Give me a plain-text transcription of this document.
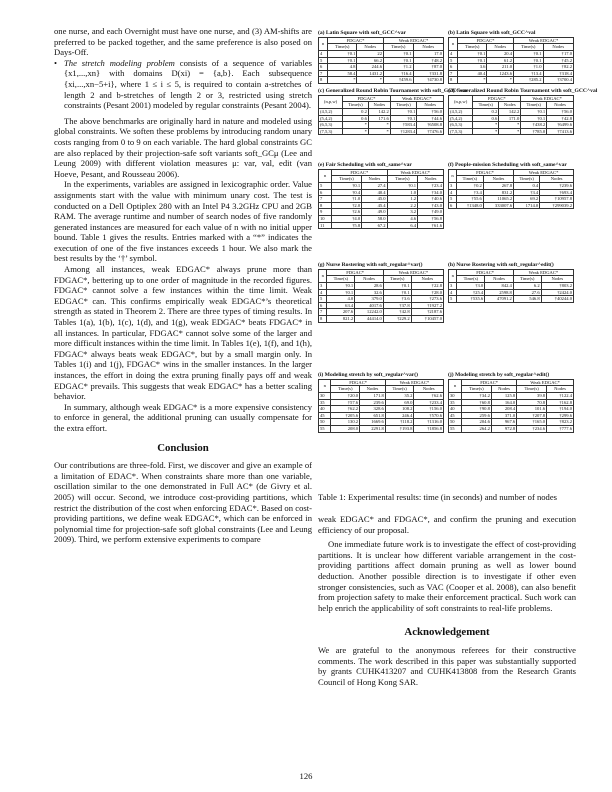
one nurse, and each Overnight must have one nurse, and (3) AM-shifts are preferred to be packed together, and the same preference is also posed on Days-Off.

• The stretch modeling problem consists of a sequence of variables {x1,...,xn} with domains D(xi) = {a,b}. Each subsequence {xi,...,xn−5+i}, where 1 ≤ i ≤ 5, is required to contain a-stretches of length 2 and b-stretches of length 2 or 3, restricted using stretch constraints (Pesant 2001) modeled by regular constraints (Pesant 2004).

The above benchmarks are originally hard in nature and modeled using global constraints. We soften these problems by introducing random unary costs ranging from 0 to 9 on each variable. The hard global constraints GC are also replaced by their projection-safe soft variants soft_GCμ (Lee and Leung 2009) with different violation measures μ: var, val, edit (van Hoeve, Pesant, and Rousseau 2006).

In the experiments, variables are assigned in lexicographic order. Value assignments start with the value with minimum unary cost. The test is conducted on a Dell Optiplex 280 with an Intel P4 3.2GHz CPU and 2GB RAM. The average runtime and number of search nodes of five randomly generated instances are measured for each value of n with no initial upper bound. Table 1 gives the results. Entries marked with a “*” indicates the execution of one of the five instances exceeds 1 hour. We also mark the best results by the ‘†’ symbol.

Among all instances, weak EDGAC* always prune more than FDGAC*, bettering up to one order of magnitude in the recorded figures. FDGAC* cannot solve a few instances within the time limit. Weak EDGAC* can. This confirms empirically weak EDGAC*’s theoretical strength as stated in Theorem 2. There are three types of timing results. In Tables 1(a), 1(b), 1(c), 1(d), and 1(g), weak EDGAC* beats FDGAC* in all instances. In particular, FDGAC* cannot solve some of the larger and more difficult instances within the time limit. In Tables 1(e), 1(f), and 1(h), FDGAC* always beats weak EDGAC*, but by a small margin only. In Tables 1(i) and 1(j), FDGAC* wins in the smaller instances. In the larger instances, the effort in doing the extra pruning finally pays off and weak EDGAC* prevails. This suggests that weak EDGAC* has a better scaling behavior.

In summary, although weak EDGAC* is a more expensive consistency to enforce in general, the additional pruning can usually compensate for the extra effort.

Conclusion

Our contributions are three-fold. First, we discover and give an example of a limitation of EDAC*. When constraints share more than one variable, oscillation similar to the one demonstrated in Full AC* (de Givry et al. 2005) will occur. Second, we introduce cost-providing partitions, which restrict the distribution of the cost when enforcing EDAC*. Based on cost-providing partitions, we define weak EDGAC*, which can be enforced in polynomial time for projection-safe soft global constraints (Lee and Leung 2009). Third, we perform extensive experiments to compare

(a) Latin Square with soft_GCC^var
n	FDGAC*		Weak EDGAC*	
	Time(s)	Nodes	Time(s)	Nodes
4	†0.1	22	†0.1	17.0
5	†0.1	66.2	†0.1	†48.2
6	4.8	244.6	†1.2	†87.0
7	58.4	1431.2	†16.4	†331.8
8	*	*	†459.6	†4730.8
(b) Latin Square with soft_GCC^val
n	FDGAC*		Weak EDGAC*	
	Time(s)	Nodes	Time(s)	Nodes
4	†0.1	20.4	†0.1	†17.0
5	†0.1	61.2	†0.1	†45.2
6	3.6	211.0	†1.0	†82.2
7	40.4	1243.6	†13.4	†318.4
8	*	*	†285.2	†3700.4
(c) Generalized Round Robin Tournament with soft_GCC^var
(n,p,w)	FDGAC*		Weak EDGAC*	
	Time(s)	Nodes	Time(s)	Nodes
(4,5,2)	0.2	142.2	†0.1	†56.0
(5,4,2)	0.6	171.6	†0.1	†44.6
(6,5,3)	*	*	†583.4	†6508.8
(7,5,3)	*	*	†1283.4	†7476.6
(d) Generalized Round Robin Tournament with soft_GCC^val
(n,p,w)	FDGAC*		Weak EDGAC*	
	Time(s)	Nodes	Time(s)	Nodes
(4,5,2)	0.2	142.2	†0.1	†56.0
(5,4,2)	0.6	171.0	†0.1	†42.8
(6,5,3)	*	*	†438.2	†6499.6
(7,5,3)	*	*	†785.0	†7413.6
(e) Fair Scheduling with soft_same^var
n	FDGAC*		Weak EDGAC*	
	Time(s)	Nodes	Time(s)	Nodes
5	†0.1	27.4	†0.1	†23.4
6	†0.4	40.4	1.0	†34.0
7	†1.0	45.0	1.2	†40.6
8	†2.0	45.4	2.2	†43.0
9	†2.6	49.0	3.2	†49.0
10	†4.0	58.0	4.6	†56.8
11	†5.8	67.2	6.4	†61.6
(f) People-mission Scheduling with soft_same^var
n	FDGAC*		Weak EDGAC*	
	Time(s)	Nodes	Time(s)	Nodes
3	†0.2	267.8	0.4	†239.6
4	†3.4	831.2	†3.4	†693.4
5	†55.6	11065.2	69.2	†10957.8
6	†1348.0	333007.6	1714.0	†299039.2
(g) Nurse Rostering with soft_regular^var()
n	FDGAC*		Weak EDGAC*	
	Time(s)	Nodes	Time(s)	Nodes
3	†0.1	28.6	†0.1	†22.8
4	†0.1	32.6	†0.1	†28.0
5	4.0	379.0	†3.6	†273.6
6	63.4	4017.6	†37.8	†1927.2
7	207.6	12242.0	†42.8	†2187.6
8	821.2	44414.0	†229.2	†10457.0
(h) Nurse Rostering with soft_regular^edit()
n	FDGAC*		Weak EDGAC*	
	Time(s)	Nodes	Time(s)	Nodes
3	†3.0	842.4	6.2	†803.2
4	†25.4	2598.8	27.6	†2424.0
5	†535.6	47091.2	546.8	†40244.0
(i) Modeling stretch by soft_regular^var()
n	FDGAC*		Weak EDGAC*	
	Time(s)	Nodes	Time(s)	Nodes
30	†20.0	171.8	35.2	†62.6
35	†57.6	239.6	69.0	†233.4
40	†62.2	328.6	108.2	†156.0
45	†205.6	651.8	246.4	†570.6
50	130.2	1669.6	†118.2	†1316.0
55	208.0	2291.8	†193.8	†1856.8
(j) Modeling stretch by soft_regular^edit()
n	FDGAC*		Weak EDGAC*	
	Time(s)	Nodes	Time(s)	Nodes
30	†34.2	125.8	39.8	†122.4
35	†60.8	164.0	70.8	†162.8
40	†90.8	208.4	101.6	†194.0
45	259.6	371.0	†207.8	†299.6
50	204.6	967.6	†165.0	†823.2
55	264.2	972.8	†234.6	†777.6
Table 1: Experimental results: time (in seconds) and number of nodes

weak EDGAC* and FDGAC*, and confirm the pruning and execution efficiency of our proposal.

One immediate future work is to investigate the effect of cost-providing partitions. It is unclear how different variable arrangement in the cost-providing partitions affect domain pruning as well as lower bound deduction. Another possible direction is to investigate if other even stronger consistencies, such as VAC (Cooper et al. 2008), can also benefit from projection safety to make their enforcement practical. Such work can help enrich the applicability of soft constraints to real-life problems.

Acknowledgement

We are grateful to the anonymous referees for their constructive comments. The work described in this paper was substantially supported by grants CUHK413207 and CUHK413808 from the Research Grants Council of Hong Kong SAR.

126
